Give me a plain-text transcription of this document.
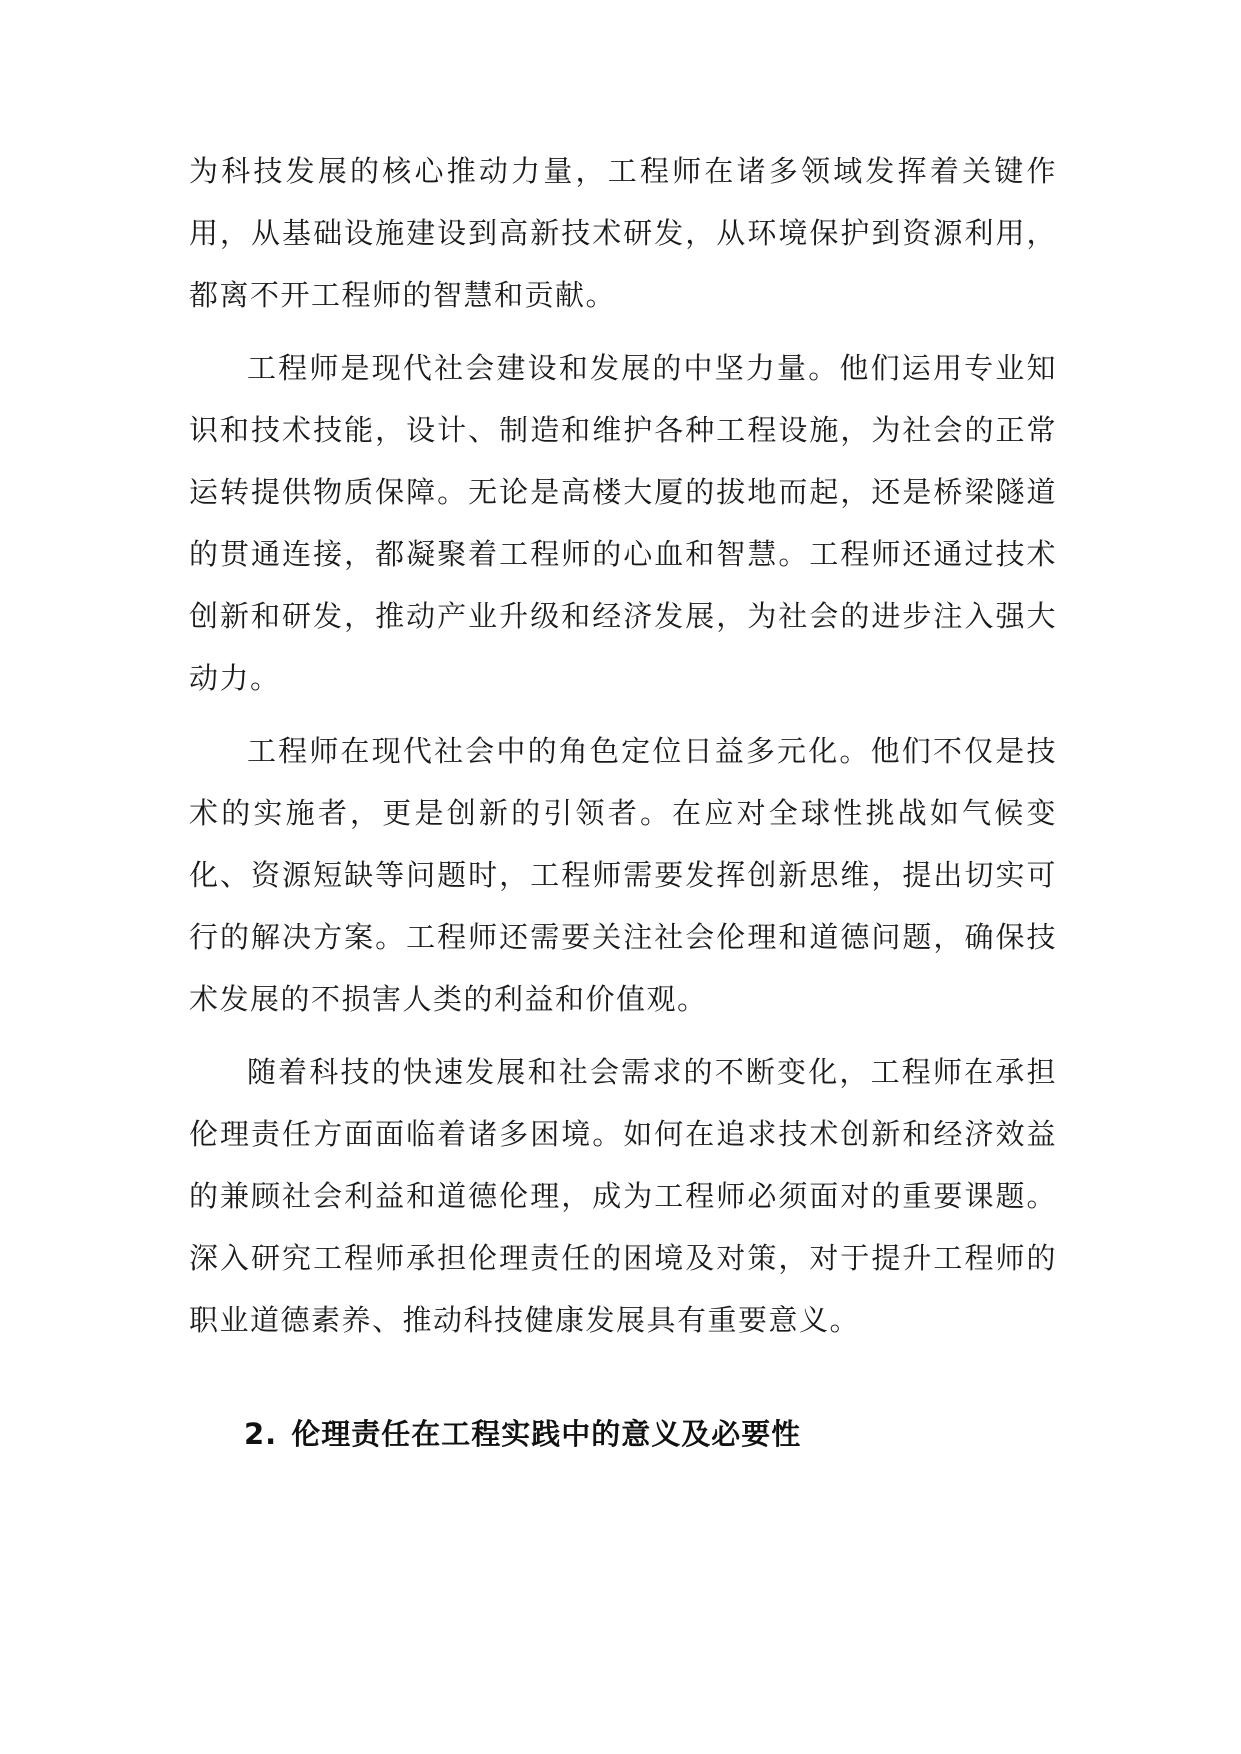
为科技发展的核心推动力量，工程师在诸多领域发挥着关键作用，从基础设施建设到高新技术研发，从环境保护到资源利用，都离不开工程师的智慧和贡献。

工程师是现代社会建设和发展的中坚力量。他们运用专业知识和技术技能，设计、制造和维护各种工程设施，为社会的正常运转提供物质保障。无论是高楼大厦的拔地而起，还是桥梁隧道的贯通连接，都凝聚着工程师的心血和智慧。工程师还通过技术创新和研发，推动产业升级和经济发展，为社会的进步注入强大动力。

工程师在现代社会中的角色定位日益多元化。他们不仅是技术的实施者，更是创新的引领者。在应对全球性挑战如气候变化、资源短缺等问题时，工程师需要发挥创新思维，提出切实可行的解决方案。工程师还需要关注社会伦理和道德问题，确保技术发展的不损害人类的利益和价值观。

随着科技的快速发展和社会需求的不断变化，工程师在承担伦理责任方面面临着诸多困境。如何在追求技术创新和经济效益的兼顾社会利益和道德伦理，成为工程师必须面对的重要课题。深入研究工程师承担伦理责任的困境及对策，对于提升工程师的职业道德素养、推动科技健康发展具有重要意义。

2. 伦理责任在工程实践中的意义及必要性
